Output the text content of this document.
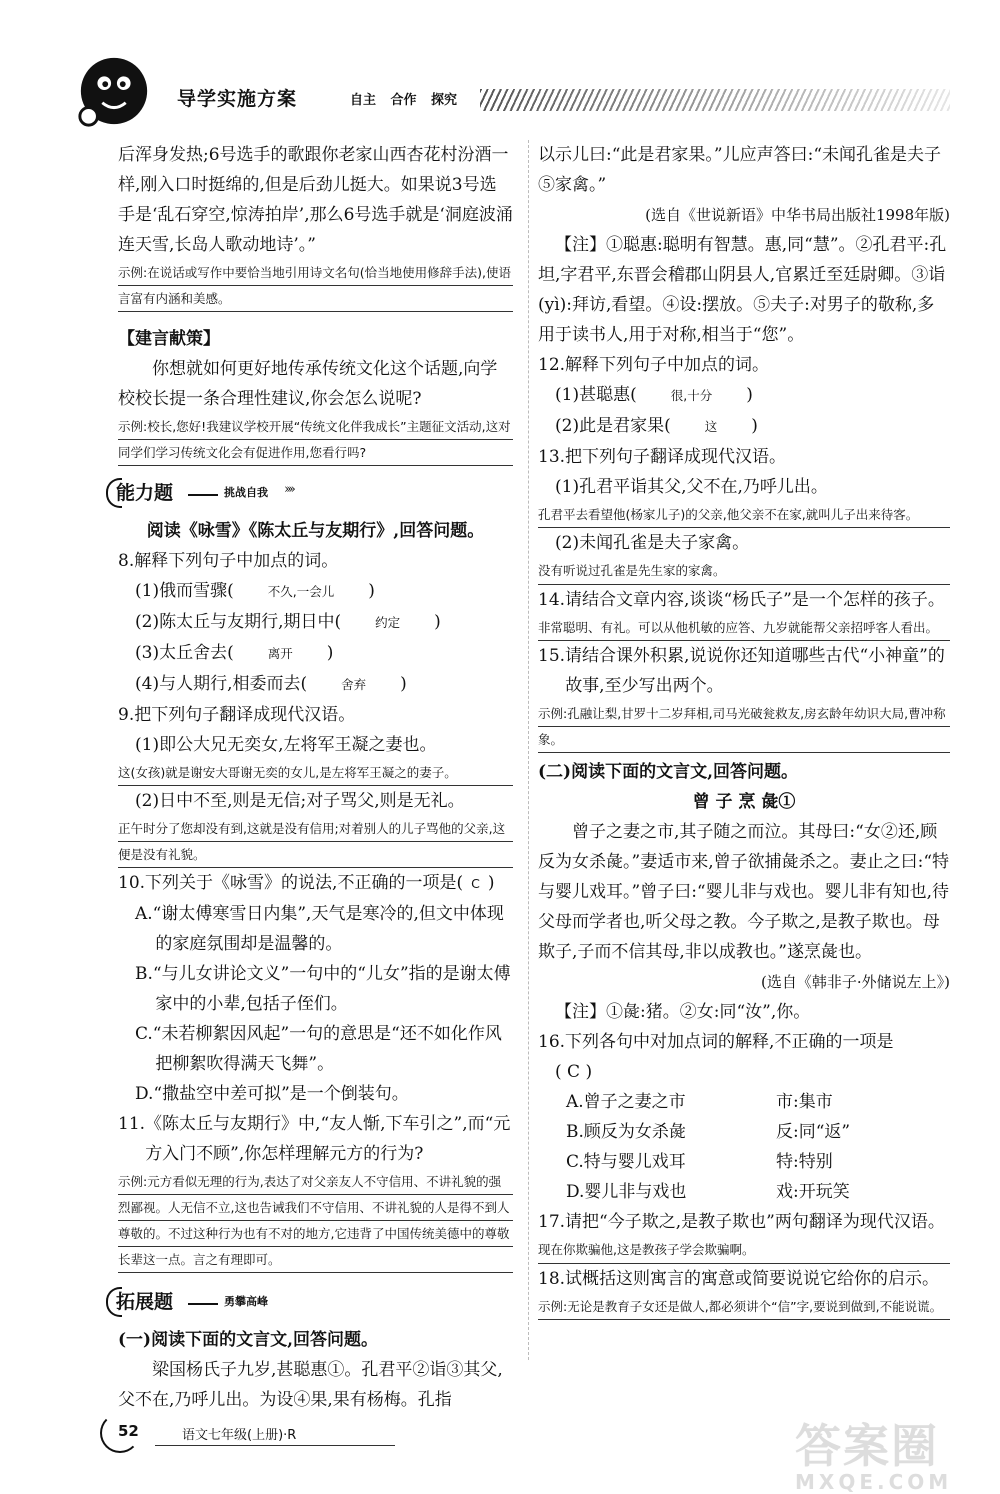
导学实施方案	自主 合作 探究

后浑身发热;6号选手的歌跟你老家山西杏花村汾酒一样,刚入口时挺绵的,但是后劲儿挺大。如果说3号选手是‘乱石穿空,惊涛拍岸’,那么6号选手就是‘洞庭波涌连天雪,长岛人歌动地诗’。”

示例:在说话或写作中要恰当地引用诗文名句(恰当地使用修辞手法),使语言富有内涵和美感。

【建言献策】

你想就如何更好地传承传统文化这个话题,向学校校长提一条合理性建议,你会怎么说呢?

示例:校长,您好!我建议学校开展“传统文化伴我成长”主题征文活动,这对同学们学习传统文化会有促进作用,您看行吗?
能力题	挑战自我 ››››

阅读《咏雪》《陈太丘与友期行》,回答问题。

8.解释下列句子中加点的词。

(1)俄而雪骤(	不久,一会儿 )

(2)陈太丘与友期行,期日中(	约定 )

(3)太丘舍去(	离开 )

(4)与人期行,相委而去(	舍弃 )

9.把下列句子翻译成现代汉语。

(1)即公大兄无奕女,左将军王凝之妻也。

这(女孩)就是谢安大哥谢无奕的女儿,是左将军王凝之的妻子。

(2)日中不至,则是无信;对子骂父,则是无礼。

正午时分了您却没有到,这就是没有信用;对着别人的儿子骂他的父亲,这便是没有礼貌。

10.下列关于《咏雪》的说法,不正确的一项是( C )

A.“谢太傅寒雪日内集”,天气是寒冷的,但文中体现的家庭氛围却是温馨的。

B.“与儿女讲论文义”一句中的“儿女”指的是谢太傅家中的小辈,包括子侄们。

C.“未若柳絮因风起”一句的意思是“还不如化作风把柳絮吹得满天飞舞”。

D.“撒盐空中差可拟”是一个倒装句。

11.《陈太丘与友期行》中,“友人惭,下车引之”,而“元方入门不顾”,你怎样理解元方的行为?

示例:元方看似无理的行为,表达了对父亲友人不守信用、不讲礼貌的强烈鄙视。人无信不立,这也告诫我们不守信用、不讲礼貌的人是得不到人尊敬的。不过这种行为也有不对的地方,它违背了中国传统美德中的尊敬长辈这一点。言之有理即可。
拓展题	勇攀高峰

(一)阅读下面的文言文,回答问题。

梁国杨氏子九岁,甚聪惠①。孔君平②诣③其父,父不在,乃呼儿出。为设④果,果有杨梅。孔指

以示儿曰:“此是君家果。”儿应声答曰:“未闻孔雀是夫子⑤家禽。”

(选自《世说新语》中华书局出版社1998年版)

【注】①聪惠:聪明有智慧。惠,同“慧”。②孔君平:孔坦,字君平,东晋会稽郡山阴县人,官累迁至廷尉卿。③诣(yì):拜访,看望。④设:摆放。⑤夫子:对男子的敬称,多用于读书人,用于对称,相当于“您”。

12.解释下列句子中加点的词。

(1)甚聪惠(	很,十分 )

(2)此是君家果(	这 )

13.把下列句子翻译成现代汉语。

(1)孔君平诣其父,父不在,乃呼儿出。

孔君平去看望他(杨家儿子)的父亲,他父亲不在家,就叫儿子出来待客。

(2)未闻孔雀是夫子家禽。

没有听说过孔雀是先生家的家禽。

14.请结合文章内容,谈谈“杨氏子”是一个怎样的孩子。

非常聪明、有礼。可以从他机敏的应答、九岁就能帮父亲招呼客人看出。

15.请结合课外积累,说说你还知道哪些古代“小神童”的故事,至少写出两个。

示例:孔融让梨,甘罗十二岁拜相,司马光破瓮救友,房玄龄年幼识大局,曹冲称象。

(二)阅读下面的文言文,回答问题。

曾 子 烹 彘①

曾子之妻之市,其子随之而泣。其母曰:“女②还,顾反为女杀彘。”妻适市来,曾子欲捕彘杀之。妻止之曰:“特与婴儿戏耳。”曾子曰:“婴儿非与戏也。婴儿非有知也,待父母而学者也,听父母之教。今子欺之,是教子欺也。母欺子,子而不信其母,非以成教也。”遂烹彘也。

(选自《韩非子·外储说左上》)

【注】①彘:猪。②女:同“汝”,你。

16.下列各句中对加点词的解释,不正确的一项是

( C )

A.曾子之妻之市	市:集市
B.顾反为女杀彘	反:同“返”
C.特与婴儿戏耳	特:特别
D.婴儿非与戏也	戏:开玩笑

17.请把“今子欺之,是教子欺也”两句翻译为现代汉语。

现在你欺骗他,这是教孩子学会欺骗啊。

18.试概括这则寓言的寓意或简要说说它给你的启示。

示例:无论是教育子女还是做人,都必须讲个“信”字,要说到做到,不能说谎。
52	语文七年级(上册)·R	答案圈
MXQE.COM
